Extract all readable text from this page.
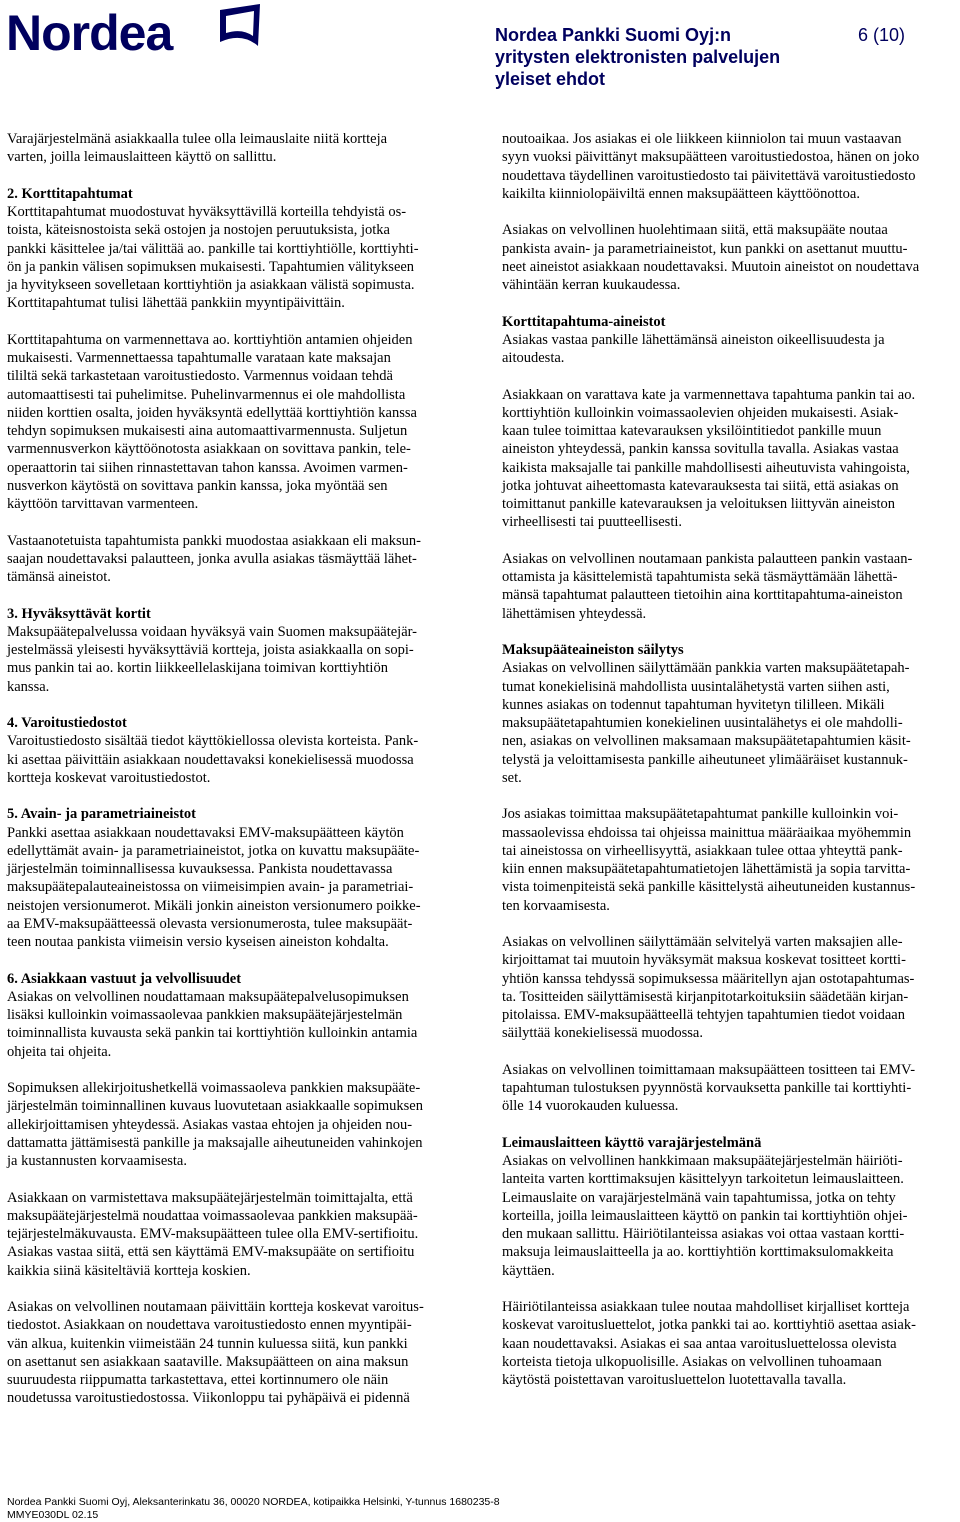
Nordea	Nordea Pankki Suomi Oyj:n
yritysten elektronisten palvelujen
yleiset ehdot
6 (10)

Varajärjestelmänä asiakkaalla tulee olla leimauslaite niitä kortteja
varten, joilla leimauslaitteen käyttö on sallittu.

2. Korttitapahtumat

Korttitapahtumat muodostuvat hyväksyttävillä korteilla tehdyistä os-
toista, käteisnostoista sekä ostojen ja nostojen peruutuksista, jotka
pankki käsittelee ja/tai välittää ao. pankille tai korttiyhtiölle, korttiyhti-
ön ja pankin välisen sopimuksen mukaisesti. Tapahtumien välitykseen
ja hyvitykseen sovelletaan korttiyhtiön ja asiakkaan välistä sopimusta.
Korttitapahtumat tulisi lähettää pankkiin myyntipäivittäin.

Korttitapahtuma on varmennettava ao. korttiyhtiön antamien ohjeiden
mukaisesti. Varmennettaessa tapahtumalle varataan kate maksajan
tililtä sekä tarkastetaan varoitustiedosto. Varmennus voidaan tehdä
automaattisesti tai puhelimitse. Puhelinvarmennus ei ole mahdollista
niiden korttien osalta, joiden hyväksyntä edellyttää korttiyhtiön kanssa
tehdyn sopimuksen mukaisesti aina automaattivarmennusta. Suljetun
varmennusverkon käyttöönotosta asiakkaan on sovittava pankin, tele-
operaattorin tai siihen rinnastettavan tahon kanssa. Avoimen varmen-
nusverkon käytöstä on sovittava pankin kanssa, joka myöntää sen
käyttöön tarvittavan varmenteen.

Vastaanotetuista tapahtumista pankki muodostaa asiakkaan eli maksun-
saajan noudettavaksi palautteen, jonka avulla asiakas täsmäyttää lähet-
tämänsä aineistot.

3. Hyväksyttävät kortit

Maksupäätepalvelussa voidaan hyväksyä vain Suomen maksupäätejär-
jestelmässä yleisesti hyväksyttäviä kortteja, joista asiakkaalla on sopi-
mus pankin tai ao. kortin liikkeellelaskijana toimivan korttiyhtiön
kanssa.

4. Varoitustiedostot

Varoitustiedosto sisältää tiedot käyttökiellossa olevista korteista. Pank-
ki asettaa päivittäin asiakkaan noudettavaksi konekielisessä muodossa
kortteja koskevat varoitustiedostot.

5. Avain- ja parametriaineistot

Pankki asettaa asiakkaan noudettavaksi EMV-maksupäätteen käytön
edellyttämät avain- ja parametriaineistot, jotka on kuvattu maksupääte-
järjestelmän toiminnallisessa kuvauksessa. Pankista noudettavassa
maksupäätepalauteaineistossa on viimeisimpien avain- ja parametriai-
neistojen versionumerot. Mikäli jonkin aineiston versionumero poikke-
aa EMV-maksupäätteessä olevasta versionumerosta, tulee maksupäät-
teen noutaa pankista viimeisin versio kyseisen aineiston kohdalta.

6. Asiakkaan vastuut ja velvollisuudet

Asiakas on velvollinen noudattamaan maksupäätepalvelusopimuksen
lisäksi kulloinkin voimassaolevaa pankkien maksupäätejärjestelmän
toiminnallista kuvausta sekä pankin tai korttiyhtiön kulloinkin antamia
ohjeita tai ohjeita.

Sopimuksen allekirjoitushetkellä voimassaoleva pankkien maksupääte-
järjestelmän toiminnallinen kuvaus luovutetaan asiakkaalle sopimuksen
allekirjoittamisen yhteydessä. Asiakas vastaa ehtojen ja ohjeiden nou-
dattamatta jättämisestä pankille ja maksajalle aiheutuneiden vahinkojen
ja kustannusten korvaamisesta.

Asiakkaan on varmistettava maksupäätejärjestelmän toimittajalta, että
maksupäätejärjestelmä noudattaa voimassaolevaa pankkien maksupää-
tejärjestelmäkuvausta. EMV-maksupäätteen tulee olla EMV-sertifioitu.
Asiakas vastaa siitä, että sen käyttämä EMV-maksupääte on sertifioitu
kaikkia siinä käsiteltäviä kortteja koskien.

Asiakas on velvollinen noutamaan päivittäin kortteja koskevat varoitus-
tiedostot. Asiakkaan on noudettava varoitustiedosto ennen myyntipäi-
vän alkua, kuitenkin viimeistään 24 tunnin kuluessa siitä, kun pankki
on asettanut sen asiakkaan saataville. Maksupäätteen on aina maksun
suuruudesta riippumatta tarkastettava, ettei kortinnumero ole näin
noudetussa varoitustiedostossa. Viikonloppu tai pyhäpäivä ei pidennä

noutoaikaa. Jos asiakas ei ole liikkeen kiinniolon tai muun vastaavan
syyn vuoksi päivittänyt maksupäätteen varoitustiedostoa, hänen on joko
noudettava täydellinen varoitustiedosto tai päivitettävä varoitustiedosto
kaikilta kiinniolopäiviltä ennen maksupäätteen käyttöönottoa.

Asiakas on velvollinen huolehtimaan siitä, että maksupääte noutaa
pankista avain- ja parametriaineistot, kun pankki on asettanut muuttu-
neet aineistot asiakkaan noudettavaksi. Muutoin aineistot on noudettava
vähintään kerran kuukaudessa.

Korttitapahtuma-aineistot

Asiakas vastaa pankille lähettämänsä aineiston oikeellisuudesta ja
aitoudesta.

Asiakkaan on varattava kate ja varmennettava tapahtuma pankin tai ao.
korttiyhtiön kulloinkin voimassaolevien ohjeiden mukaisesti. Asiak-
kaan tulee toimittaa katevarauksen yksilöintitiedot pankille muun
aineiston yhteydessä, pankin kanssa sovitulla tavalla. Asiakas vastaa
kaikista maksajalle tai pankille mahdollisesti aiheutuvista vahingoista,
jotka johtuvat aiheettomasta katevarauksesta tai siitä, että asiakas on
toimittanut pankille katevarauksen ja veloituksen liittyvän aineiston
virheellisesti tai puutteellisesti.

Asiakas on velvollinen noutamaan pankista palautteen pankin vastaan-
ottamista ja käsittelemistä tapahtumista sekä täsmäyttämään lähettä-
mänsä tapahtumat palautteen tietoihin aina korttitapahtuma-aineiston
lähettämisen yhteydessä.

Maksupääteaineiston säilytys

Asiakas on velvollinen säilyttämään pankkia varten maksupäätetapah-
tumat konekielisinä mahdollista uusintalähetystä varten siihen asti,
kunnes asiakas on todennut tapahtuman hyvitetyn tililleen. Mikäli
maksupäätetapahtumien konekielinen uusintalähetys ei ole mahdolli-
nen, asiakas on velvollinen maksamaan maksupäätetapahtumien käsit-
telystä ja veloittamisesta pankille aiheutuneet ylimääräiset kustannuk-
set.

Jos asiakas toimittaa maksupäätetapahtumat pankille kulloinkin voi-
massaolevissa ehdoissa tai ohjeissa mainittua määräaikaa myöhemmin
tai aineistossa on virheellisyyttä, asiakkaan tulee ottaa yhteyttä pank-
kiin ennen maksupäätetapahtumatietojen lähettämistä ja sopia tarvitta-
vista toimenpiteistä sekä pankille käsittelystä aiheutuneiden kustannus-
ten korvaamisesta.

Asiakas on velvollinen säilyttämään selvitelyä varten maksajien alle-
kirjoittamat tai muutoin hyväksymät maksua koskevat tositteet kortti-
yhtiön kanssa tehdyssä sopimuksessa määritellyn ajan ostotapahtumas-
ta. Tositteiden säilyttämisestä kirjanpitotarkoituksiin säädetään kirjan-
pitolaissa. EMV-maksupäätteellä tehtyjen tapahtumien tiedot voidaan
säilyttää konekielisessä muodossa.

Asiakas on velvollinen toimittamaan maksupäätteen tositteen tai EMV-
tapahtuman tulostuksen pyynnöstä korvauksetta pankille tai korttiyhti-
ölle 14 vuorokauden kuluessa.

Leimauslaitteen käyttö varajärjestelmänä

Asiakas on velvollinen hankkimaan maksupäätejärjestelmän häiriöti-
lanteita varten korttimaksujen käsittelyyn tarkoitetun leimauslaitteen.
Leimauslaite on varajärjestelmänä vain tapahtumissa, jotka on tehty
korteilla, joilla leimauslaitteen käyttö on pankin tai korttiyhtiön ohjei-
den mukaan sallittu. Häiriötilanteissa asiakas voi ottaa vastaan kortti-
maksuja leimauslaitteella ja ao. korttiyhtiön korttimaksulomakkeita
käyttäen.

Häiriötilanteissa asiakkaan tulee noutaa mahdolliset kirjalliset kortteja
koskevat varoitusluettelot, jotka pankki tai ao. korttiyhtiö asettaa asiak-
kaan noudettavaksi. Asiakas ei saa antaa varoitusluettelossa olevista
korteista tietoja ulkopuolisille. Asiakas on velvollinen tuhoamaan
käytöstä poistettavan varoitusluettelon luotettavalla tavalla.

Nordea Pankki Suomi Oyj, Aleksanterinkatu 36, 00020 NORDEA, kotipaikka Helsinki, Y-tunnus 1680235-8
MMYE030DL 02.15
